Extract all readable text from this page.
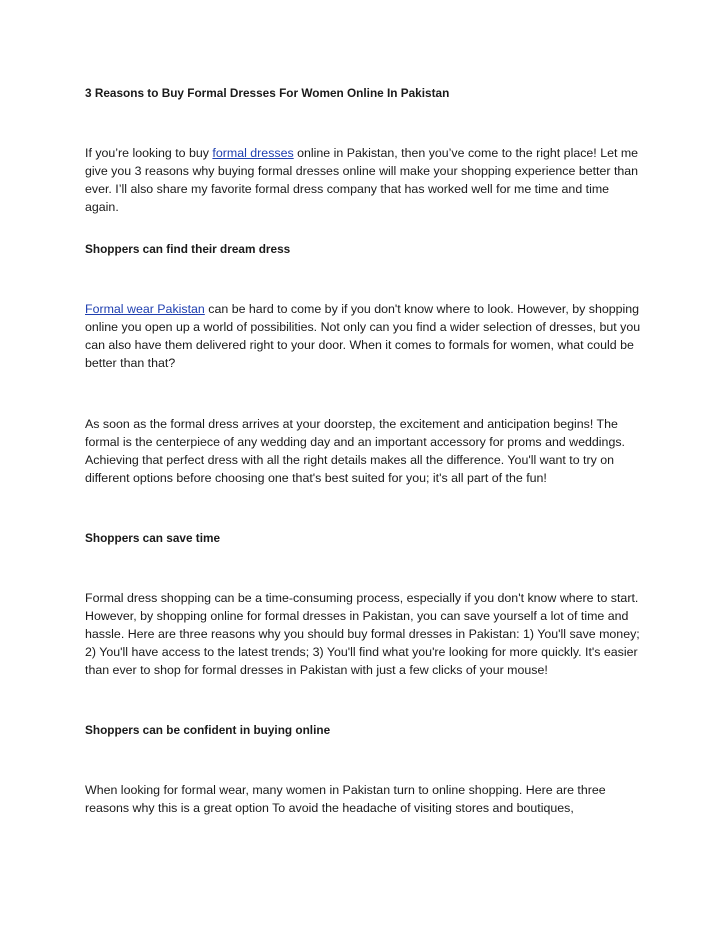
3 Reasons to Buy Formal Dresses For Women Online In Pakistan
If you’re looking to buy formal dresses online in Pakistan, then you’ve come to the right place! Let me give you 3 reasons why buying formal dresses online will make your shopping experience better than ever. I’ll also share my favorite formal dress company that has worked well for me time and time again.
Shoppers can find their dream dress
Formal wear Pakistan can be hard to come by if you don't know where to look. However, by shopping online you open up a world of possibilities. Not only can you find a wider selection of dresses, but you can also have them delivered right to your door. When it comes to formals for women, what could be better than that?
As soon as the formal dress arrives at your doorstep, the excitement and anticipation begins! The formal is the centerpiece of any wedding day and an important accessory for proms and weddings. Achieving that perfect dress with all the right details makes all the difference. You'll want to try on different options before choosing one that's best suited for you; it's all part of the fun!
Shoppers can save time
Formal dress shopping can be a time-consuming process, especially if you don't know where to start. However, by shopping online for formal dresses in Pakistan, you can save yourself a lot of time and hassle. Here are three reasons why you should buy formal dresses in Pakistan: 1) You'll save money; 2) You'll have access to the latest trends; 3) You'll find what you're looking for more quickly. It's easier than ever to shop for formal dresses in Pakistan with just a few clicks of your mouse!
Shoppers can be confident in buying online
When looking for formal wear, many women in Pakistan turn to online shopping. Here are three reasons why this is a great option To avoid the headache of visiting stores and boutiques,
